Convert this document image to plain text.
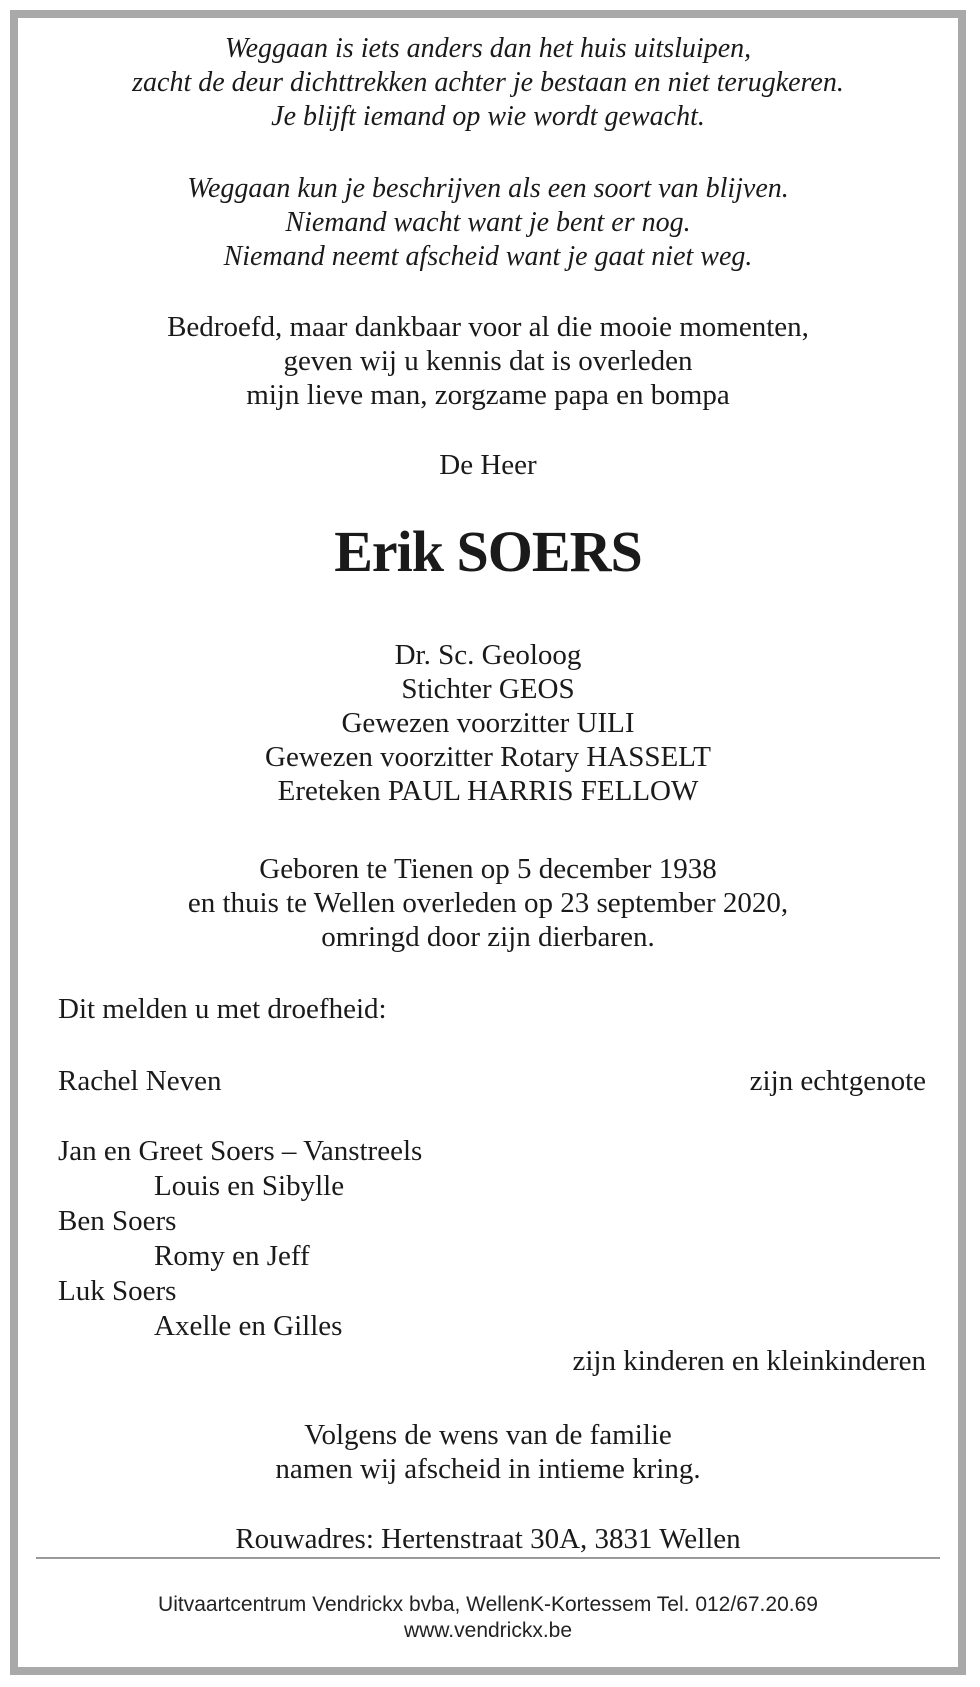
Weggaan is iets anders dan het huis uitsluipen,
zacht de deur dichttrekken achter je bestaan en niet terugkeren.
Je blijft iemand op wie wordt gewacht.
Weggaan kun je beschrijven als een soort van blijven.
Niemand wacht want je bent er nog.
Niemand neemt afscheid want je gaat niet weg.
Bedroefd, maar dankbaar voor al die mooie momenten,
geven wij u kennis dat is overleden
mijn lieve man, zorgzame papa en bompa
De Heer
Erik SOERS
Dr. Sc. Geoloog
Stichter GEOS
Gewezen voorzitter UILI
Gewezen voorzitter Rotary HASSELT
Ereteken PAUL HARRIS FELLOW
Geboren te Tienen op 5 december 1938
en thuis te Wellen overleden op 23 september 2020,
omringd door zijn dierbaren.
Dit melden u met droefheid:
Rachel Neven	zijn echtgenote
Jan en Greet Soers – Vanstreels
Louis en Sibylle
Ben Soers
Romy en Jeff
Luk Soers
Axelle en Gilles
zijn kinderen en kleinkinderen
Volgens de wens van de familie
namen wij afscheid in intieme kring.
Rouwadres: Hertenstraat 30A, 3831 Wellen
Uitvaartcentrum Vendrickx bvba, WellenK-Kortessem Tel. 012/67.20.69
www.vendrickx.be
